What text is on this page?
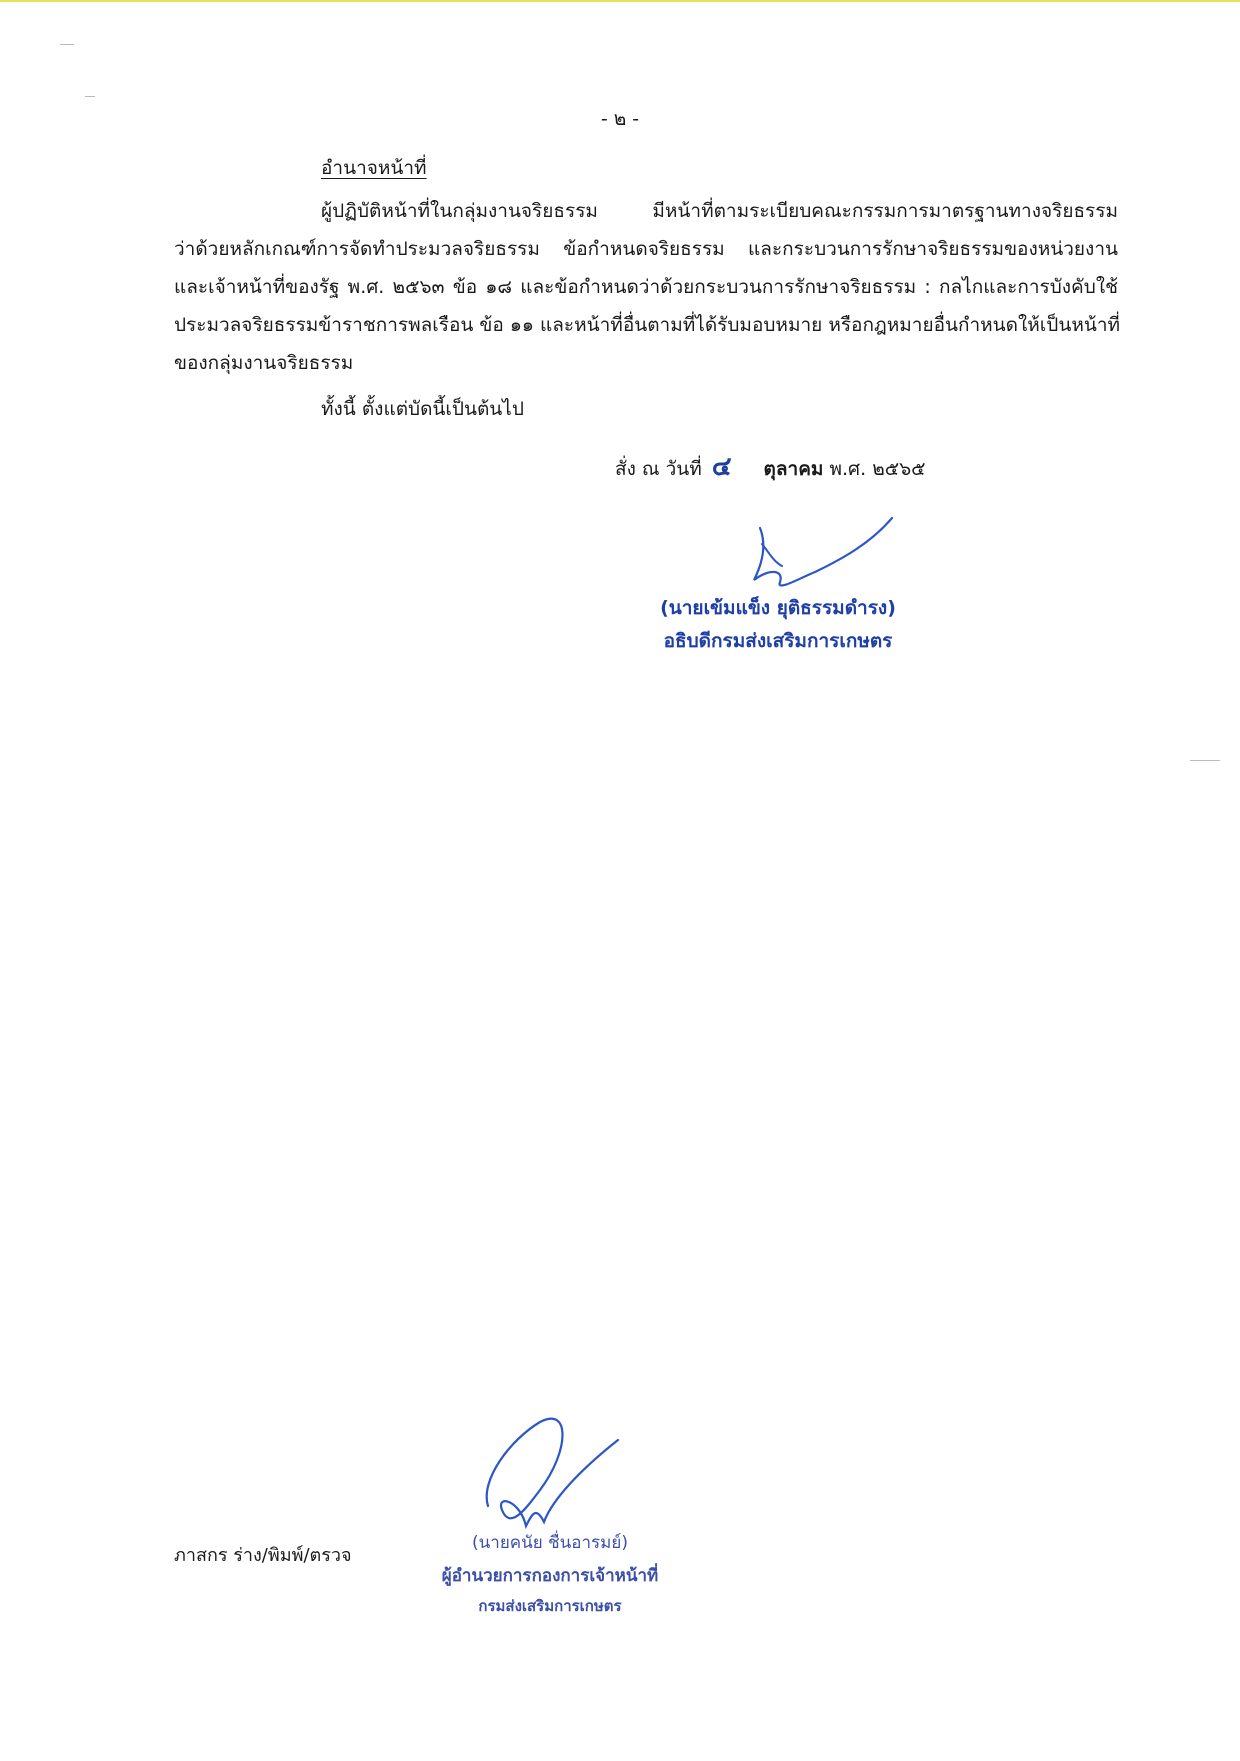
- ๒ -
อำนาจหน้าที่
ผู้ปฏิบัติหน้าที่ในกลุ่มงานจริยธรรม มีหน้าที่ตามระเบียบคณะกรรมการมาตรฐานทางจริยธรรม
ว่าด้วยหลักเกณฑ์การจัดทำประมวลจริยธรรม ข้อกำหนดจริยธรรม และกระบวนการรักษาจริยธรรมของหน่วยงาน
และเจ้าหน้าที่ของรัฐ พ.ศ. ๒๕๖๓ ข้อ ๑๘ และข้อกำหนดว่าด้วยกระบวนการรักษาจริยธรรม : กลไกและการบังคับใช้
ประมวลจริยธรรมข้าราชการพลเรือน ข้อ ๑๑ และหน้าที่อื่นตามที่ได้รับมอบหมาย หรือกฎหมายอื่นกำหนดให้เป็นหน้าที่
ของกลุ่มงานจริยธรรม
ทั้งนี้ ตั้งแต่บัดนี้เป็นต้นไป
สั่ง ณ วันที่ ๔ ตุลาคม พ.ศ. ๒๕๖๕
(นายเข้มแข็ง ยุติธรรมดำรง)
อธิบดีกรมส่งเสริมการเกษตร
ภาสกร ร่าง/พิมพ์/ตรวจ
(นายคนัย ชื่นอารมย์)
ผู้อำนวยการกองการเจ้าหน้าที่
กรมส่งเสริมการเกษตร
